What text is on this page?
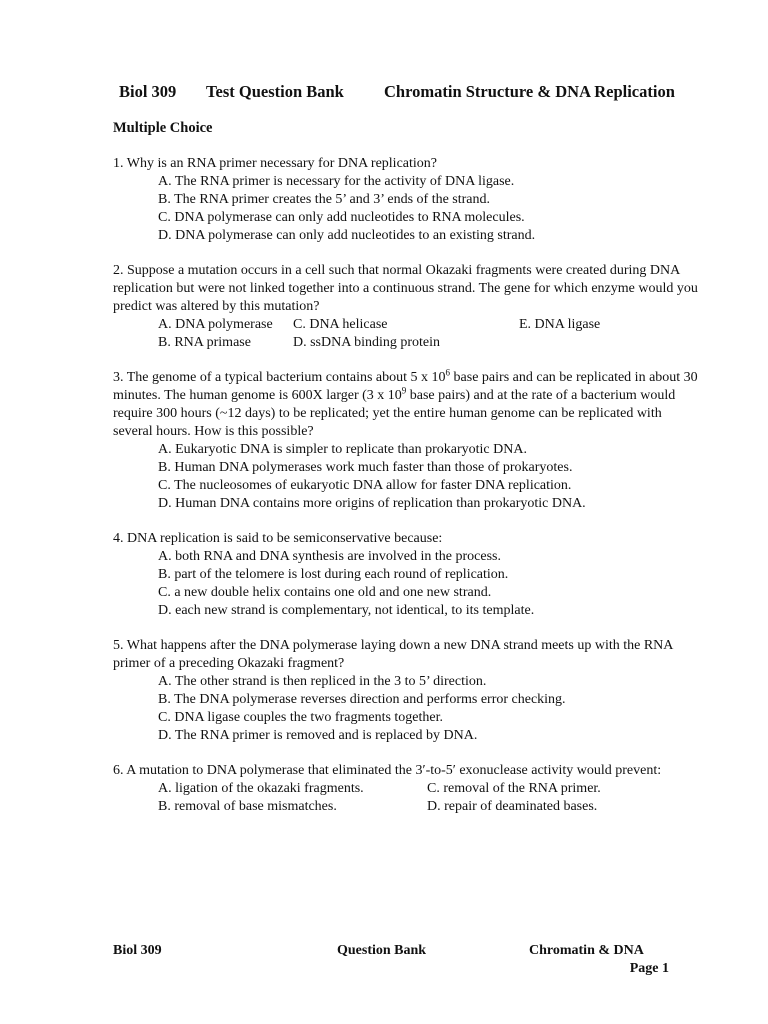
Biol 309 Test Question Bank Chromatin Structure & DNA Replication
Multiple Choice
1. Why is an RNA primer necessary for DNA replication?
A. The RNA primer is necessary for the activity of DNA ligase.
B. The RNA primer creates the 5’ and 3’ ends of the strand.
C. DNA polymerase can only add nucleotides to RNA molecules.
D. DNA polymerase can only add nucleotides to an existing strand.
2. Suppose a mutation occurs in a cell such that normal Okazaki fragments were created during DNA replication but were not linked together into a continuous strand. The gene for which enzyme would you predict was altered by this mutation?
A. DNA polymerase	C. DNA helicase	E. DNA ligase
B. RNA primase	D. ssDNA binding protein
3. The genome of a typical bacterium contains about 5 x $10^6$ base pairs and can be replicated in about 30 minutes. The human genome is 600X larger (3 x $10^9$ base pairs) and at the rate of a bacterium would require 300 hours (~12 days) to be replicated; yet the entire human genome can be replicated with several hours. How is this possible?
A. Eukaryotic DNA is simpler to replicate than prokaryotic DNA.
B. Human DNA polymerases work much faster than those of prokaryotes.
C. The nucleosomes of eukaryotic DNA allow for faster DNA replication.
D. Human DNA contains more origins of replication than prokaryotic DNA.
4. DNA replication is said to be semiconservative because:
A. both RNA and DNA synthesis are involved in the process.
B. part of the telomere is lost during each round of replication.
C. a new double helix contains one old and one new strand.
D. each new strand is complementary, not identical, to its template.
5. What happens after the DNA polymerase laying down a new DNA strand meets up with the RNA primer of a preceding Okazaki fragment?
A. The other strand is then repliced in the 3 to 5’ direction.
B. The DNA polymerase reverses direction and performs error checking.
C. DNA ligase couples the two fragments together.
D. The RNA primer is removed and is replaced by DNA.
6. A mutation to DNA polymerase that eliminated the 3′-to-5′ exonuclease activity would prevent:
A. ligation of the okazaki fragments.	C. removal of the RNA primer.
B. removal of base mismatches.	D. repair of deaminated bases.
Biol 309	Question Bank	Chromatin & DNA
Page 1
